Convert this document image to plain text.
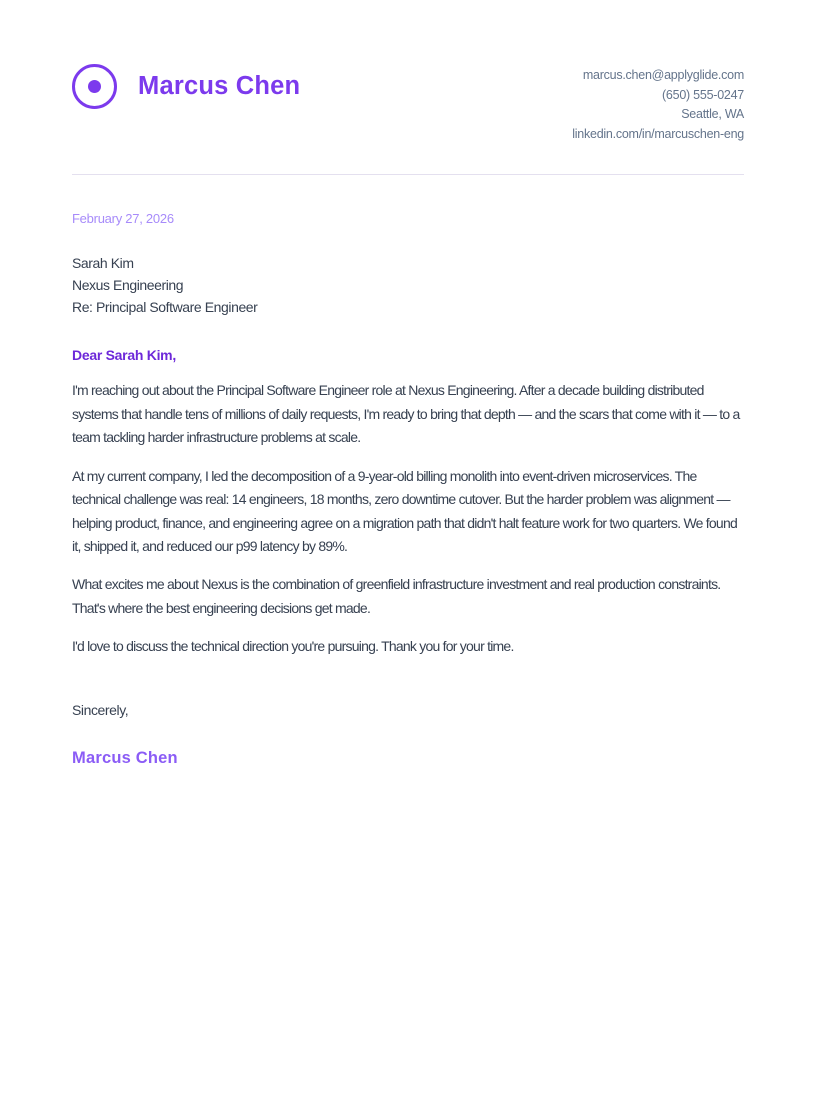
Marcus Chen	marcus.chen@applyglide.com
(650) 555-0247
Seattle, WA
linkedin.com/in/marcuschen-eng
February 27, 2026
Sarah Kim
Nexus Engineering
Re: Principal Software Engineer
Dear Sarah Kim,

I'm reaching out about the Principal Software Engineer role at Nexus Engineering. After a decade building distributed systems that handle tens of millions of daily requests, I'm ready to bring that depth — and the scars that come with it — to a team tackling harder infrastructure problems at scale.

At my current company, I led the decomposition of a 9-year-old billing monolith into event-driven microservices. The technical challenge was real: 14 engineers, 18 months, zero downtime cutover. But the harder problem was alignment — helping product, finance, and engineering agree on a migration path that didn't halt feature work for two quarters. We found it, shipped it, and reduced our p99 latency by 89%.

What excites me about Nexus is the combination of greenfield infrastructure investment and real production constraints. That's where the best engineering decisions get made.

I'd love to discuss the technical direction you're pursuing. Thank you for your time.

Sincerely,
Marcus Chen
